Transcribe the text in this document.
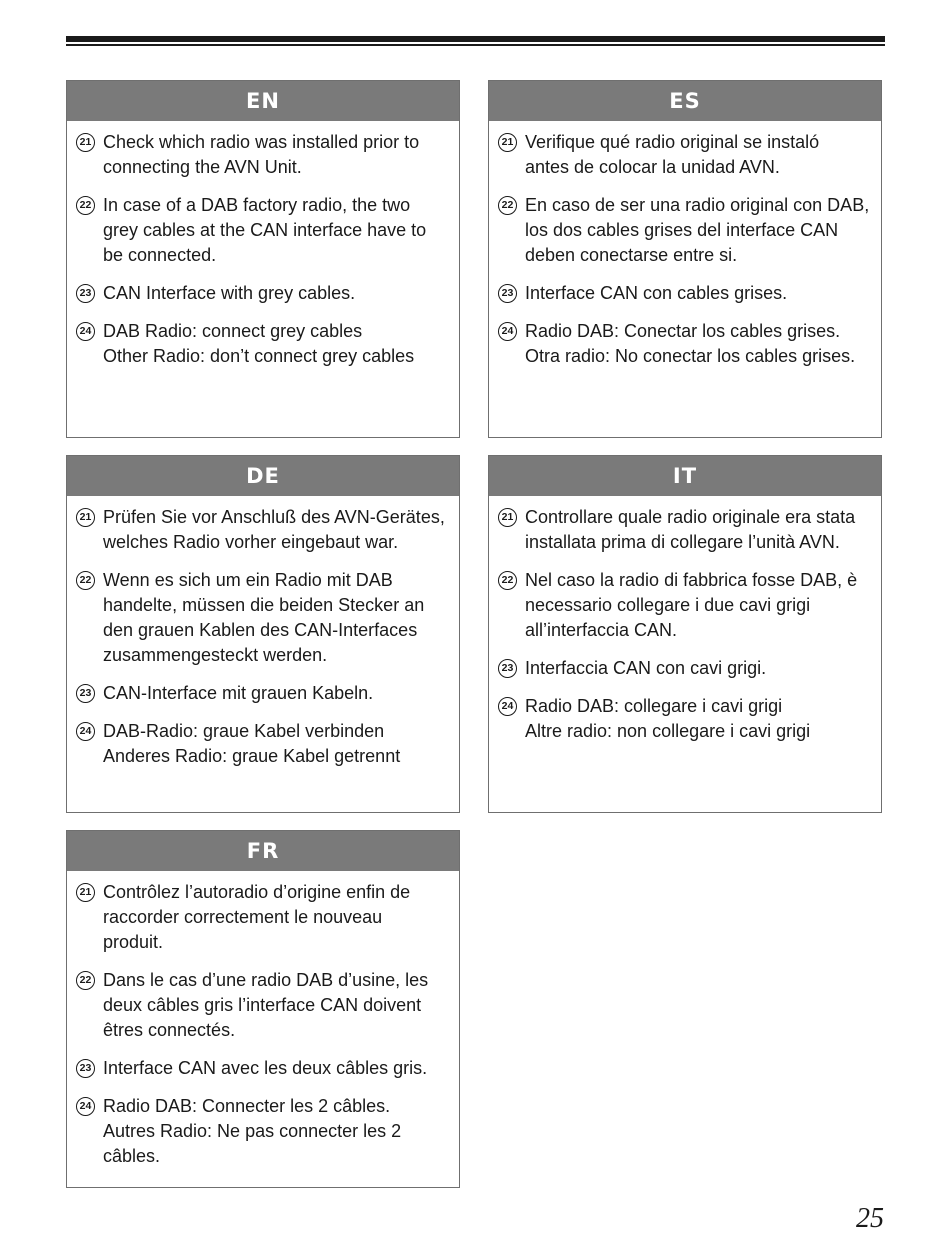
EN
21 Check which radio was installed prior to
connecting the AVN Unit.
22 In case of a DAB factory radio, the two
grey cables at the CAN interface have to
be connected.
23 CAN Interface with grey cables.
24 DAB Radio: connect grey cables
Other Radio: don’t connect grey cables
ES
21 Verifique qué radio original se instaló
antes de colocar la unidad AVN.
22 En caso de ser una radio original con DAB,
los dos cables grises del interface CAN
deben conectarse entre si.
23 Interface CAN con cables grises.
24 Radio DAB: Conectar los cables grises.
Otra radio: No conectar los cables grises.
DE
21 Prüfen Sie vor Anschluß des AVN-Gerätes,
welches Radio vorher eingebaut war.
22 Wenn es sich um ein Radio mit DAB
handelte, müssen die beiden Stecker an
den grauen Kablen des CAN-Interfaces
zusammengesteckt werden.
23 CAN-Interface mit grauen Kabeln.
24 DAB-Radio: graue Kabel verbinden
Anderes Radio: graue Kabel getrennt
IT
21 Controllare quale radio originale era stata
installata prima di collegare l’unità AVN.
22 Nel caso la radio di fabbrica fosse DAB, è
necessario collegare i due cavi grigi
all’interfaccia CAN.
23 Interfaccia CAN con cavi grigi.
24 Radio DAB: collegare i cavi grigi
Altre radio: non collegare i cavi grigi
FR
21 Contrôlez l’autoradio d’origine enfin de
raccorder correctement le nouveau
produit.
22 Dans le cas d’une radio DAB d’usine, les
deux câbles gris l’interface CAN doivent
êtres connectés.
23 Interface CAN avec les deux câbles gris.
24 Radio DAB: Connecter les 2 câbles.
Autres Radio: Ne pas connecter les 2
câbles.
25
